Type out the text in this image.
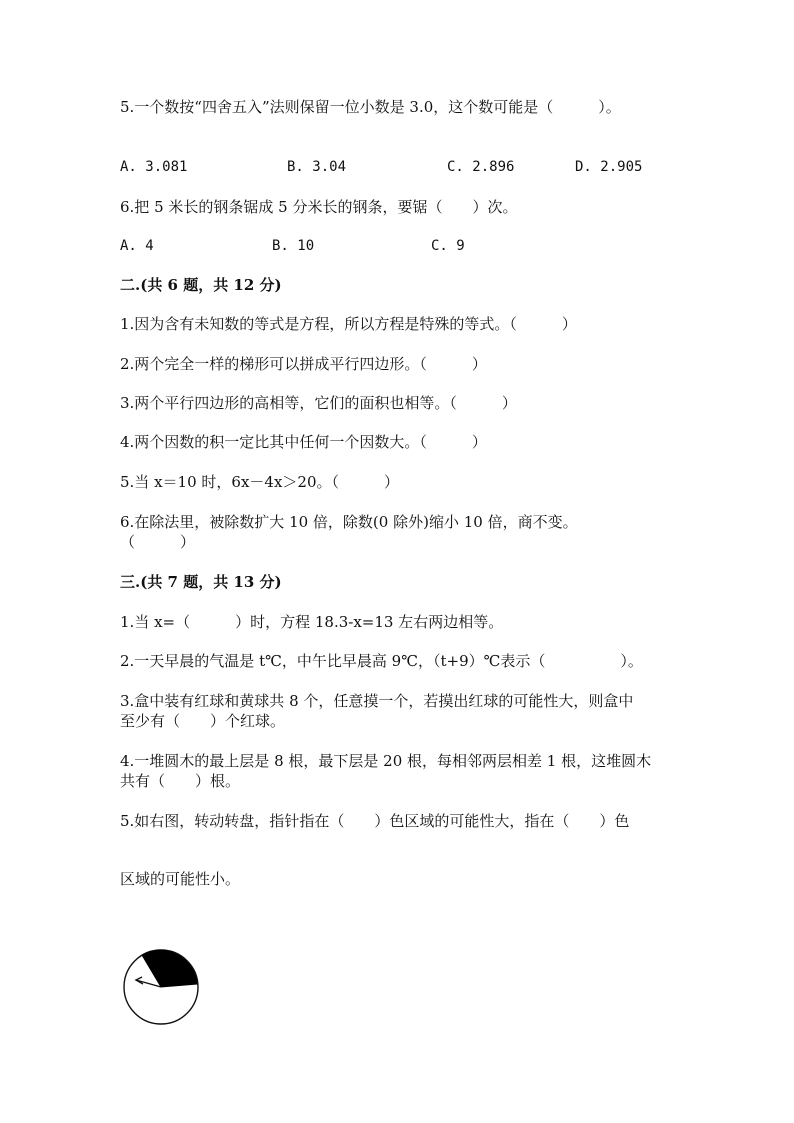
5.一个数按“四舍五入”法则保留一位小数是 3.0，这个数可能是（　　　）。
A. 3.081	B. 3.04	C. 2.896	D. 2.905
6.把 5 米长的钢条锯成 5 分米长的钢条，要锯（　　）次。
A. 4	B. 10	C. 9
二.(共 6 题，共 12 分)
1.因为含有未知数的等式是方程，所以方程是特殊的等式。（　　　）
2.两个完全一样的梯形可以拼成平行四边形。（　　　）
3.两个平行四边形的高相等，它们的面积也相等。（　　　）
4.两个因数的积一定比其中任何一个因数大。（　　　）
5.当 x＝10 时，6x－4x＞20。（　　　）
6.在除法里，被除数扩大 10 倍，除数(0 除外)缩小 10 倍，商不变。
（　　　）
三.(共 7 题，共 13 分)
1.当 x=（　　　）时，方程 18.3-x=13 左右两边相等。
2.一天早晨的气温是 t℃，中午比早晨高 9℃，（t+9）℃表示（　　　　　）。
3.盒中装有红球和黄球共 8 个，任意摸一个，若摸出红球的可能性大，则盒中
至少有（　　）个红球。
4.一堆圆木的最上层是 8 根，最下层是 20 根，每相邻两层相差 1 根，这堆圆木
共有（　　）根。
5.如右图，转动转盘，指针指在（　　）色区域的可能性大，指在（　　）色
区域的可能性小。
